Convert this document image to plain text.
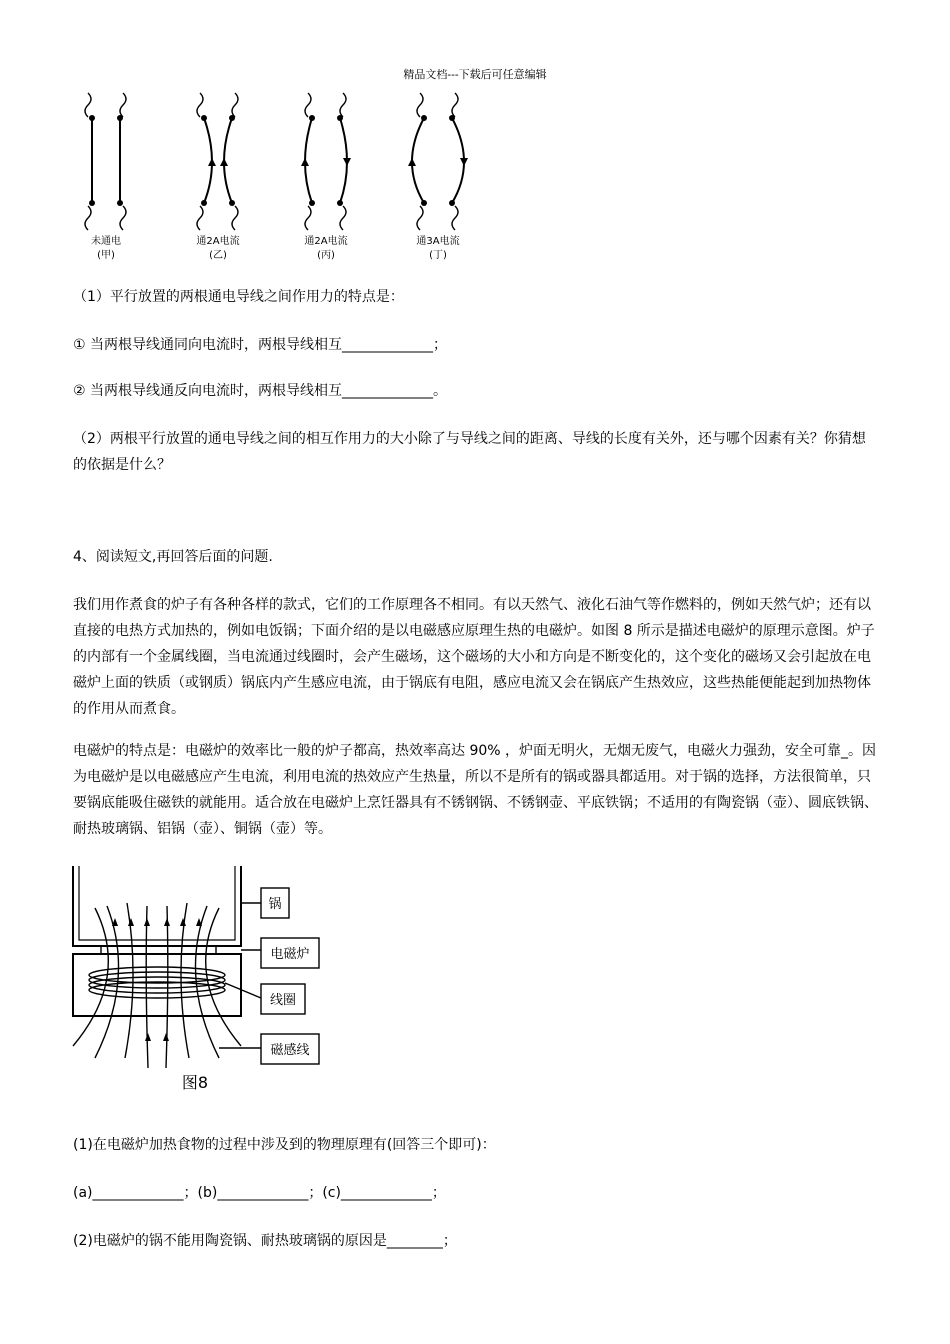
精品文档---下载后可任意编辑
未通电
(甲)
通2A电流
(乙)
通2A电流
(丙)
通3A电流
(丁)

（1）平行放置的两根通电导线之间作用力的特点是：

① 当两根导线通同向电流时，两根导线相互_____________；

② 当两根导线通反向电流时，两根导线相互_____________。

（2）两根平行放置的通电导线之间的相互作用力的大小除了与导线之间的距离、导线的长度有关外，还与哪个因素有关？你猜想的依据是什么？

4、阅读短文,再回答后面的问题.

我们用作煮食的炉子有各种各样的款式，它们的工作原理各不相同。有以天然气、液化石油气等作燃料的，例如天然气炉；还有以直接的电热方式加热的，例如电饭锅；下面介绍的是以电磁感应原理生热的电磁炉。如图 8 所示是描述电磁炉的原理示意图。炉子的内部有一个金属线圈，当电流通过线圈时，会产生磁场，这个磁场的大小和方向是不断变化的，这个变化的磁场又会引起放在电磁炉上面的铁质（或钢质）锅底内产生感应电流，由于锅底有电阻，感应电流又会在锅底产生热效应，这些热能便能起到加热物体的作用从而煮食。

电磁炉的特点是：电磁炉的效率比一般的炉子都高，热效率高达 90% ，炉面无明火，无烟无废气，电磁火力强劲，安全可靠_。因为电磁炉是以电磁感应产生电流，利用电流的热效应产生热量，所以不是所有的锅或器具都适用。对于锅的选择，方法很简单，只要锅底能吸住磁铁的就能用。适合放在电磁炉上烹饪器具有不锈钢锅、不锈钢壶、平底铁锅；不适用的有陶瓷锅（壶）、圆底铁锅、耐热玻璃锅、铝锅（壶）、铜锅（壶）等。

锅
电磁炉
线圈
磁感线
图8

(1)在电磁炉加热食物的过程中涉及到的物理原理有(回答三个即可)：

(a)_____________；(b)_____________；(c)_____________；

(2)电磁炉的锅不能用陶瓷锅、耐热玻璃锅的原因是________；
